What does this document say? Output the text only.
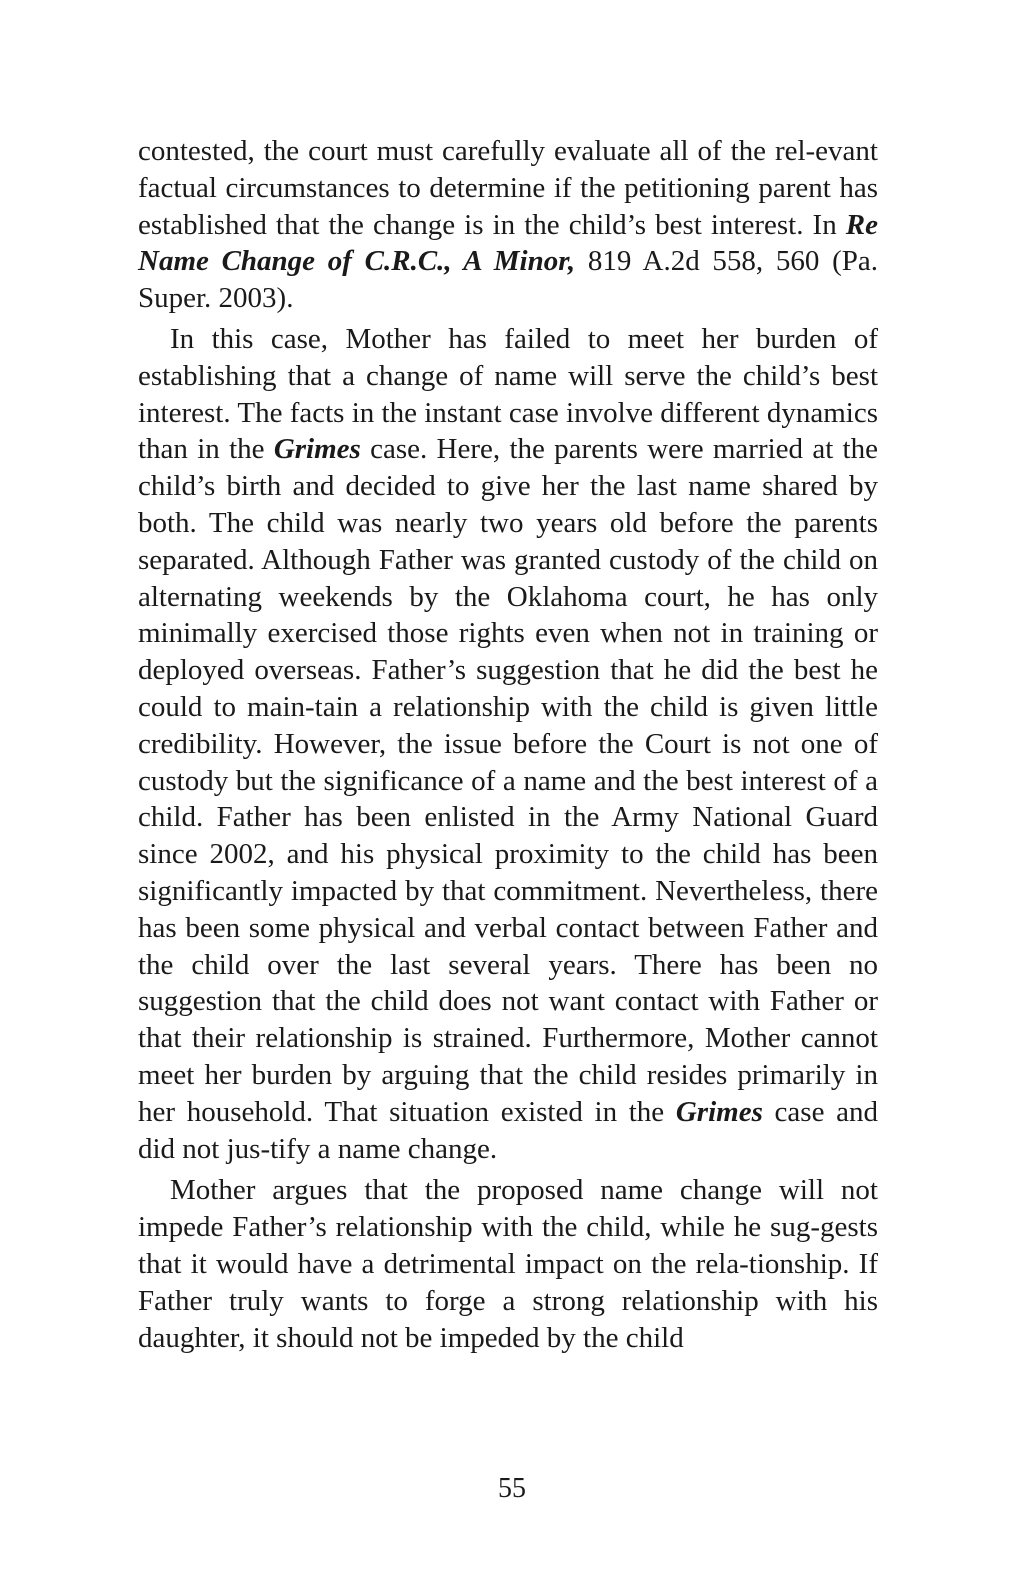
contested, the court must carefully evaluate all of the rel-evant factual circumstances to determine if the petitioning parent has established that the change is in the child’s best interest. In Re Name Change of C.R.C., A Minor, 819 A.2d 558, 560 (Pa. Super. 2003).

In this case, Mother has failed to meet her burden of establishing that a change of name will serve the child’s best interest. The facts in the instant case involve different dynamics than in the Grimes case. Here, the parents were married at the child’s birth and decided to give her the last name shared by both. The child was nearly two years old before the parents separated. Although Father was granted custody of the child on alternating weekends by the Oklahoma court, he has only minimally exercised those rights even when not in training or deployed overseas. Father’s suggestion that he did the best he could to main-tain a relationship with the child is given little credibility. However, the issue before the Court is not one of custody but the significance of a name and the best interest of a child. Father has been enlisted in the Army National Guard since 2002, and his physical proximity to the child has been significantly impacted by that commitment. Nevertheless, there has been some physical and verbal contact between Father and the child over the last several years. There has been no suggestion that the child does not want contact with Father or that their relationship is strained. Furthermore, Mother cannot meet her burden by arguing that the child resides primarily in her household. That situation existed in the Grimes case and did not jus-tify a name change.

Mother argues that the proposed name change will not impede Father’s relationship with the child, while he sug-gests that it would have a detrimental impact on the rela-tionship. If Father truly wants to forge a strong relationship with his daughter, it should not be impeded by the child

55
